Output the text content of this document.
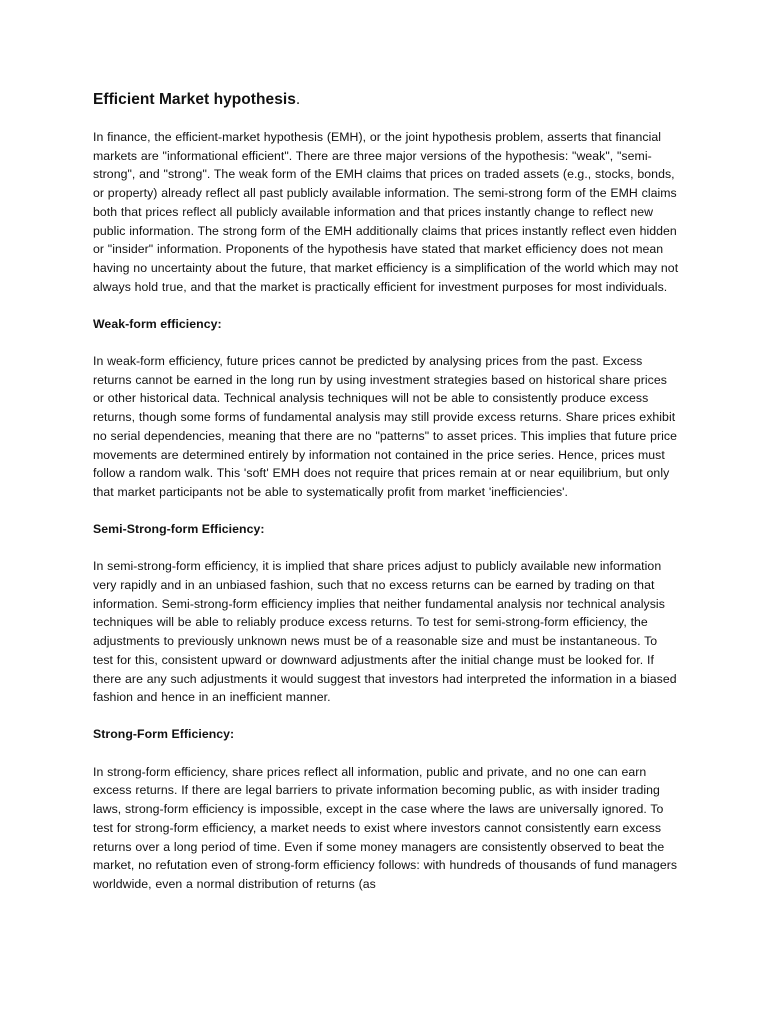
Efficient Market hypothesis.

In finance, the efficient-market hypothesis (EMH), or the joint hypothesis problem, asserts that financial markets are "informational efficient". There are three major versions of the hypothesis: "weak", "semi-strong", and "strong". The weak form of the EMH claims that prices on traded assets (e.g., stocks, bonds, or property) already reflect all past publicly available information. The semi-strong form of the EMH claims both that prices reflect all publicly available information and that prices instantly change to reflect new public information. The strong form of the EMH additionally claims that prices instantly reflect even hidden or "insider" information. Proponents of the hypothesis have stated that market efficiency does not mean having no uncertainty about the future, that market efficiency is a simplification of the world which may not always hold true, and that the market is practically efficient for investment purposes for most individuals.

Weak-form efficiency:

In weak-form efficiency, future prices cannot be predicted by analysing prices from the past. Excess returns cannot be earned in the long run by using investment strategies based on historical share prices or other historical data. Technical analysis techniques will not be able to consistently produce excess returns, though some forms of fundamental analysis may still provide excess returns. Share prices exhibit no serial dependencies, meaning that there are no "patterns" to asset prices. This implies that future price movements are determined entirely by information not contained in the price series. Hence, prices must follow a random walk. This 'soft' EMH does not require that prices remain at or near equilibrium, but only that market participants not be able to systematically profit from market 'inefficiencies'.

Semi-Strong-form Efficiency:

In semi-strong-form efficiency, it is implied that share prices adjust to publicly available new information very rapidly and in an unbiased fashion, such that no excess returns can be earned by trading on that information. Semi-strong-form efficiency implies that neither fundamental analysis nor technical analysis techniques will be able to reliably produce excess returns. To test for semi-strong-form efficiency, the adjustments to previously unknown news must be of a reasonable size and must be instantaneous. To test for this, consistent upward or downward adjustments after the initial change must be looked for. If there are any such adjustments it would suggest that investors had interpreted the information in a biased fashion and hence in an inefficient manner.

Strong-Form Efficiency:

In strong-form efficiency, share prices reflect all information, public and private, and no one can earn excess returns. If there are legal barriers to private information becoming public, as with insider trading laws, strong-form efficiency is impossible, except in the case where the laws are universally ignored. To test for strong-form efficiency, a market needs to exist where investors cannot consistently earn excess returns over a long period of time. Even if some money managers are consistently observed to beat the market, no refutation even of strong-form efficiency follows: with hundreds of thousands of fund managers worldwide, even a normal distribution of returns (as
